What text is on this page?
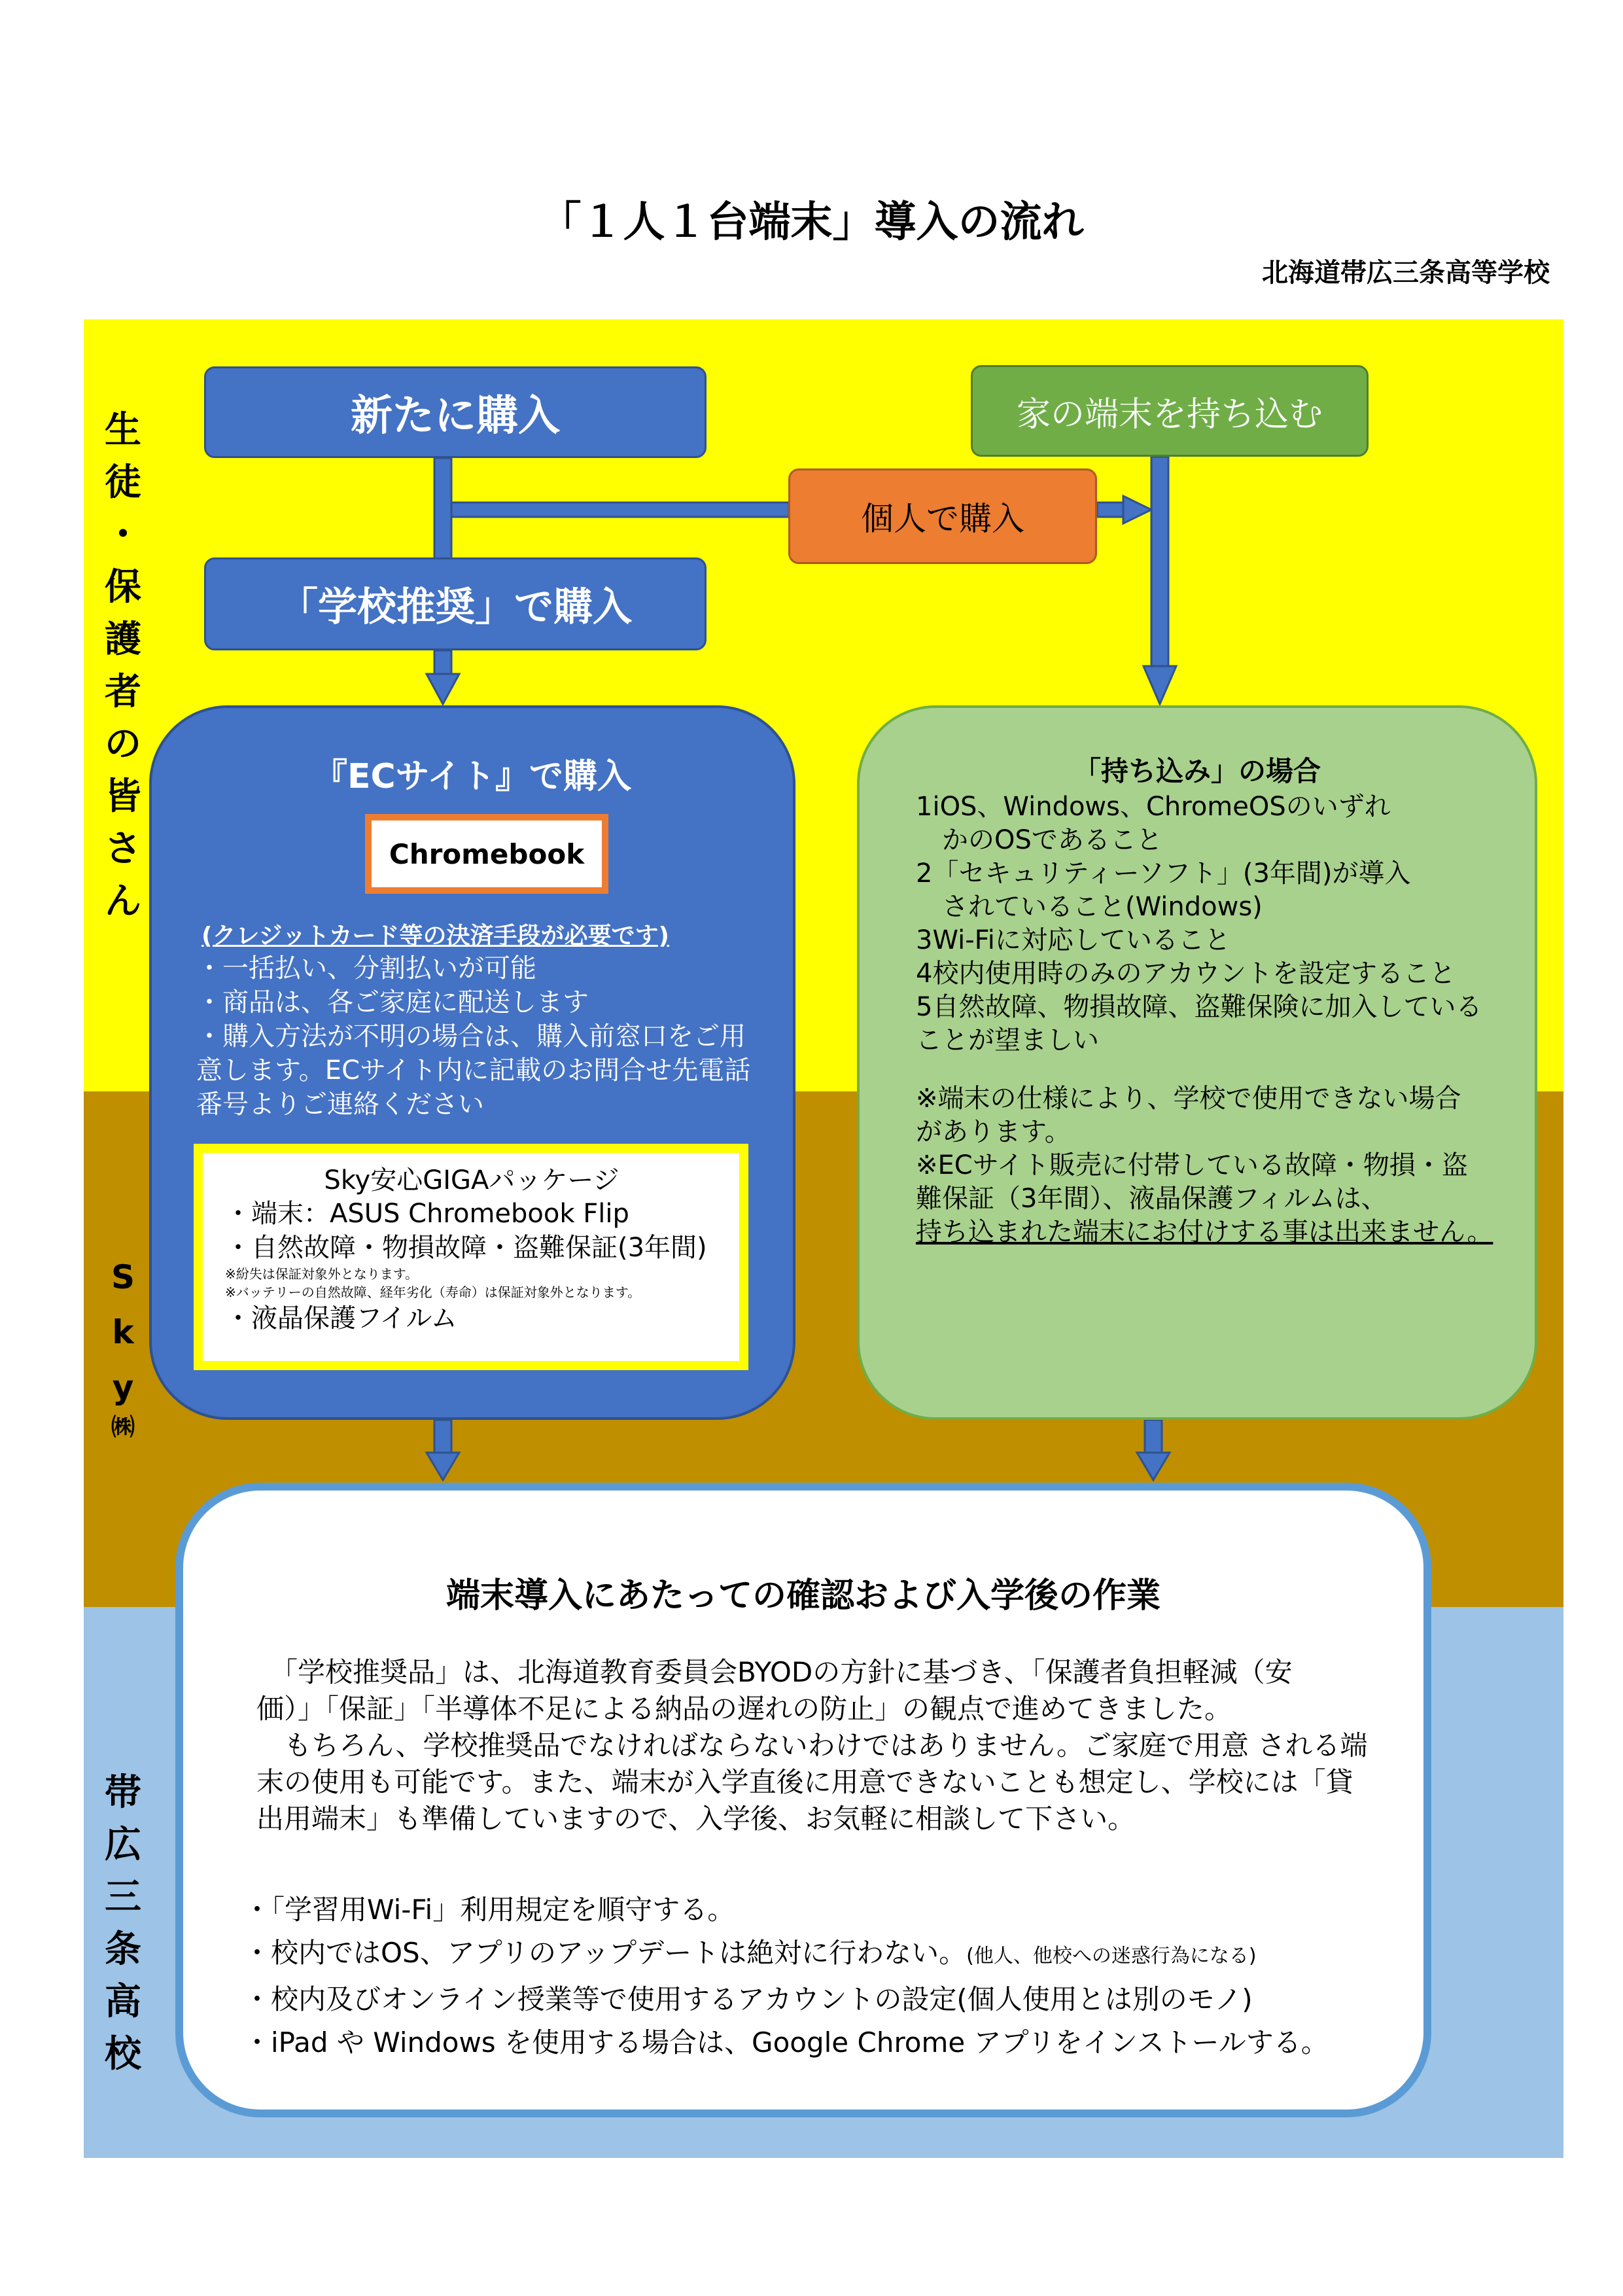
「１人１台端末」導入の流れ
北海道帯広三条高等学校
生
徒
・
保
護
者
の
皆
さ
ん
S
k
y
㈱
帯
広
三
条
高
校
新たに購入	家の端末を持ち込む
個人で購入
「学校推奨」で購入
『ECサイト』で購入
Chromebook
(クレジットカード等の決済手段が必要です)
・一括払い、分割払いが可能
・商品は、各ご家庭に配送します
・購入方法が不明の場合は、購入前窓口をご用意します。ECサイト内に記載のお問合せ先電話番号よりご連絡ください
Sky安心GIGAパッケージ
・端末：ASUS Chromebook Flip
・自然故障・物損故障・盗難保証(3年間)
※紛失は保証対象外となります。
※バッテリーの自然故障、経年劣化（寿命）は保証対象外となります。
・液晶保護フイルム
「持ち込み」の場合
1iOS、Windows、ChromeOSのいずれ
　かのOSであること
2「セキュリティーソフト」(3年間)が導入
　されていること(Windows)
3Wi-Fiに対応していること
4校内使用時のみのアカウントを設定すること
5自然故障、物損故障、盗難保険に加入している
ことが望ましい
※端末の仕様により、学校で使用できない場合
があります。
※ECサイト販売に付帯している故障・物損・盗
難保証（3年間）、液晶保護フィルムは、
持ち込まれた端末にお付けする事は出来ません。
端末導入にあたっての確認および入学後の作業
　「学校推奨品」は、北海道教育委員会BYODの方針に基づき、「保護者負担軽減（安
価）」「保証」「半導体不足による納品の遅れの防止」の観点で進めてきました。
　もちろん、学校推奨品でなければならないわけではありません。ご家庭で用意 される端
末の使用も可能です。また、端末が入学直後に用意できないことも想定し、学校には「貸
出用端末」も準備していますので、入学後、お気軽に相談して下さい。
・「学習用Wi-Fi」利用規定を順守する。
・校内ではOS、アプリのアップデートは絶対に行わない。(他人、他校への迷惑行為になる)
・校内及びオンライン授業等で使用するアカウントの設定(個人使用とは別のモノ)
・iPad や Windows を使用する場合は、Google Chrome アプリをインストールする。
